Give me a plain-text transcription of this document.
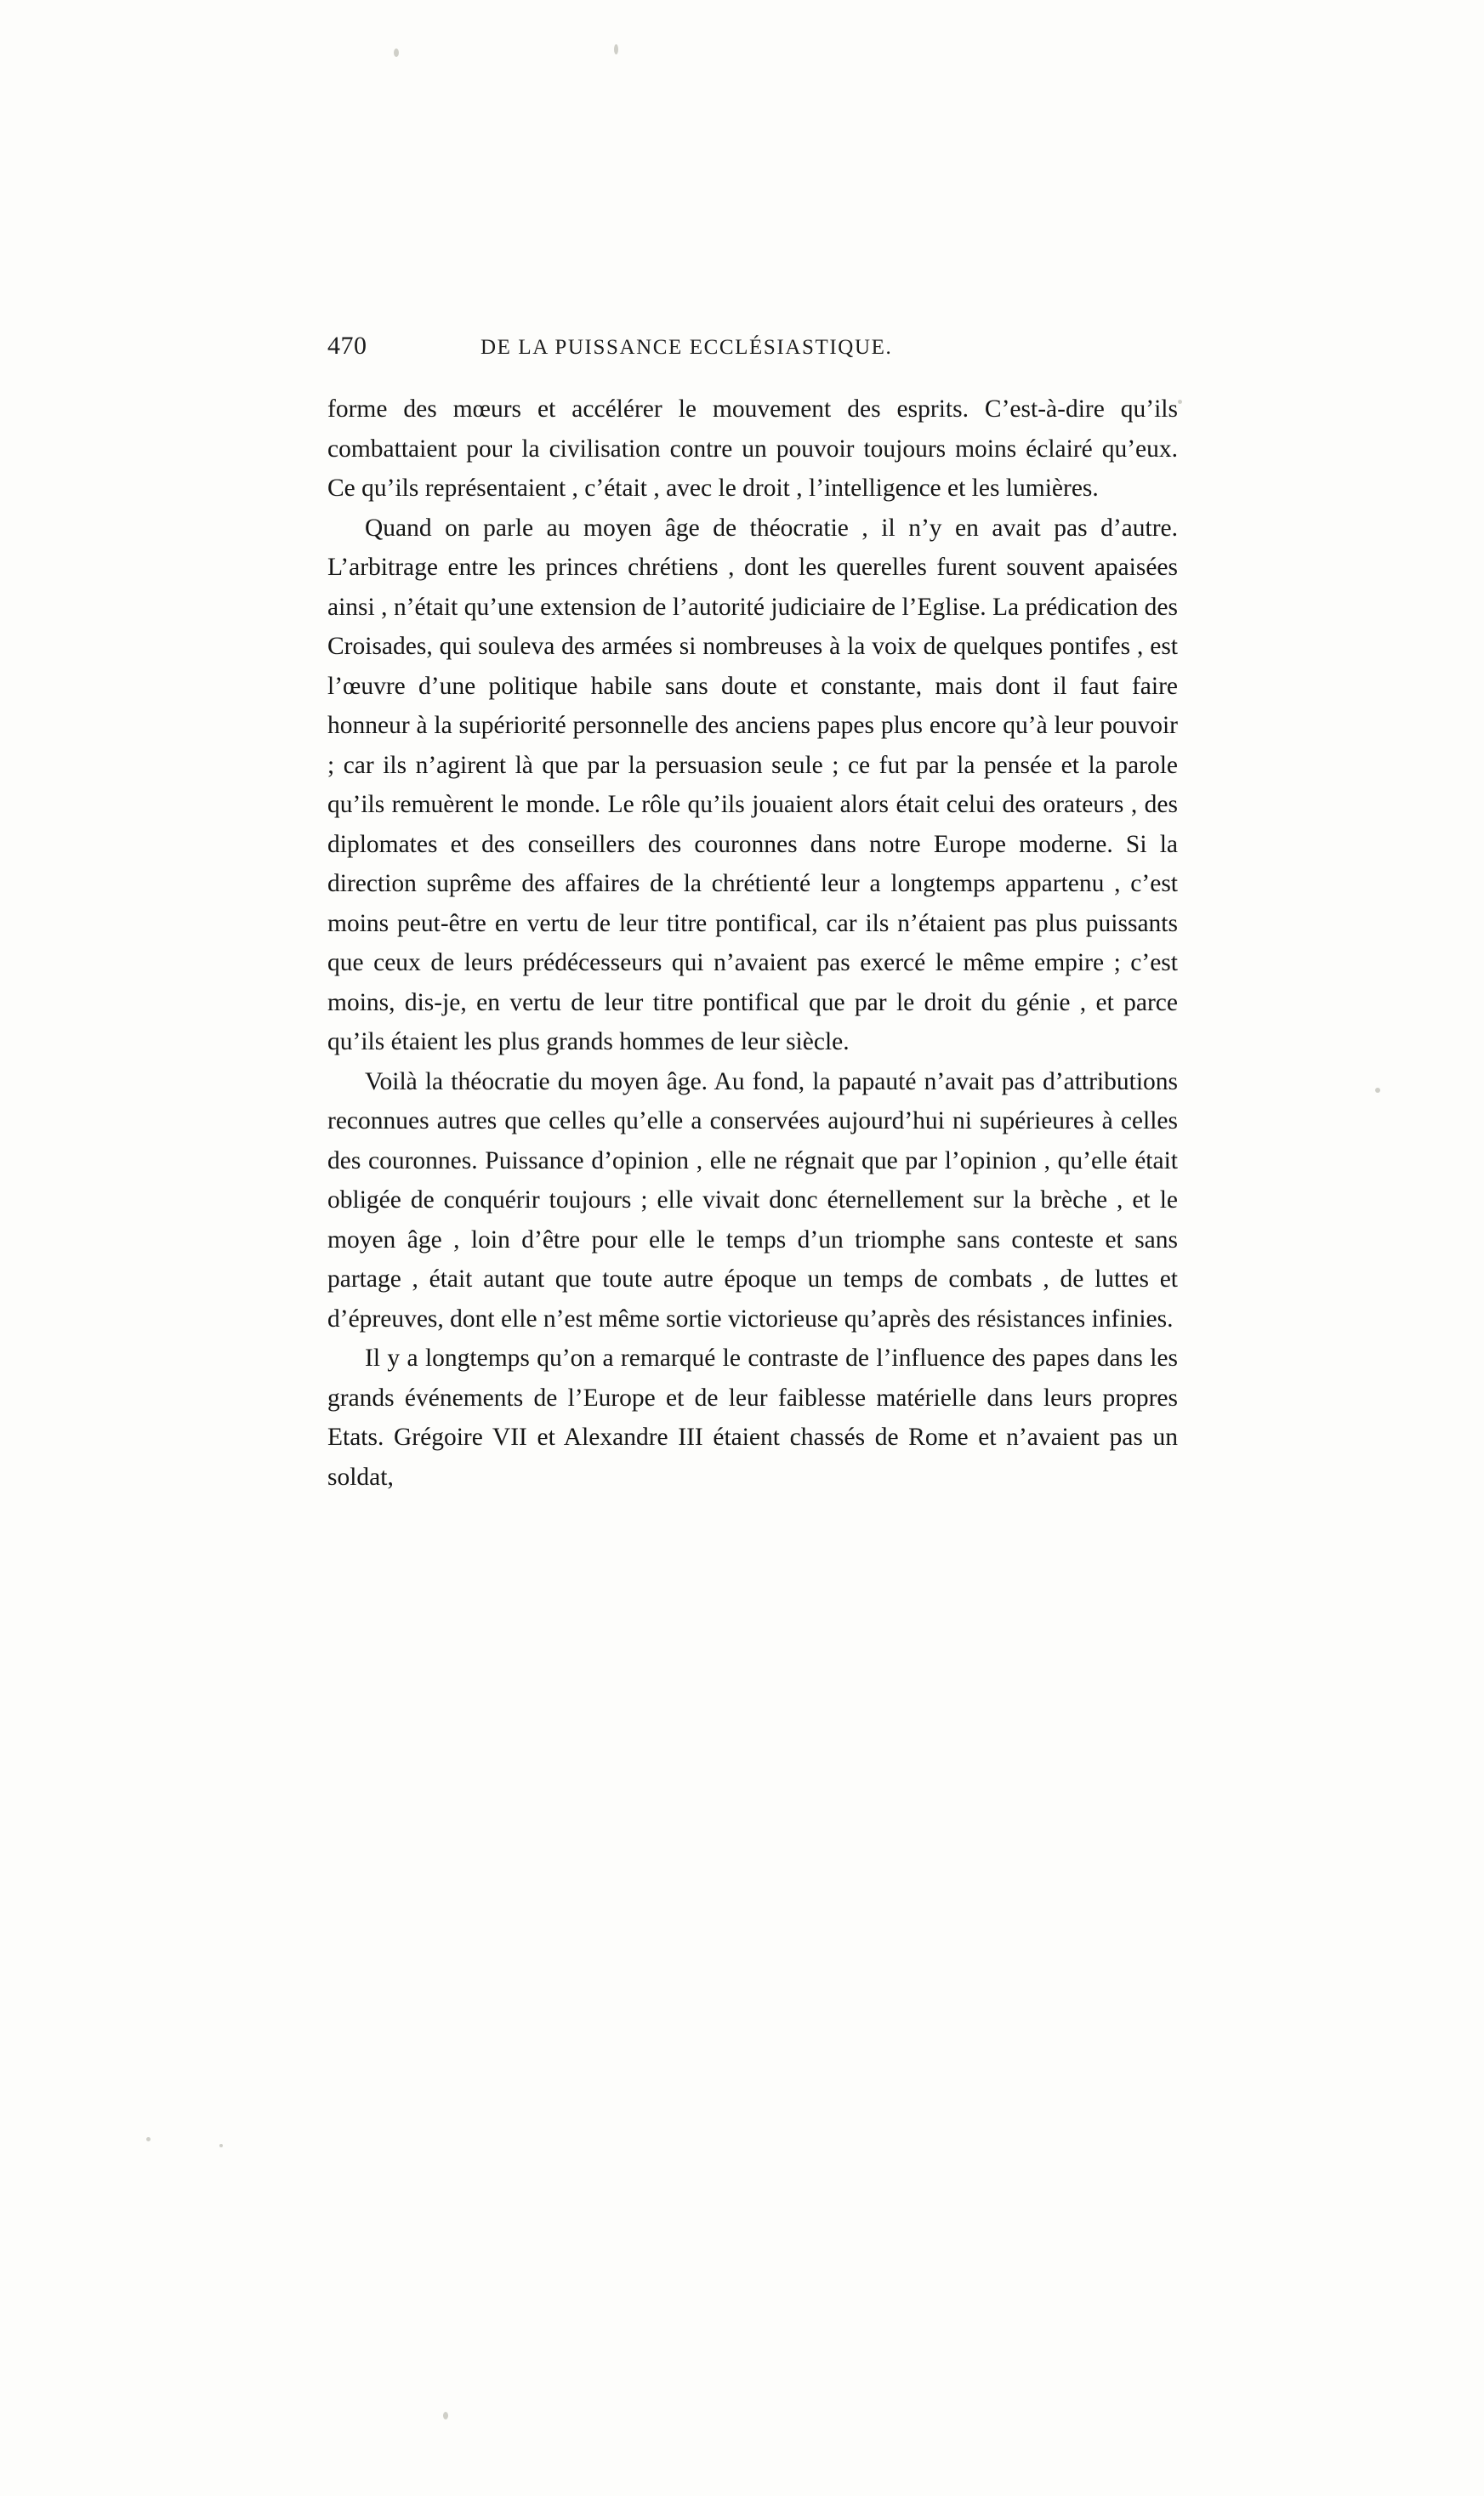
470	DE LA PUISSANCE ECCLÉSIASTIQUE.

forme des mœurs et accélérer le mouvement des esprits. C’est-à-dire qu’ils combattaient pour la civilisation contre un pouvoir toujours moins éclairé qu’eux. Ce qu’ils représentaient , c’était , avec le droit , l’intelligence et les lumières.

Quand on parle au moyen âge de théocratie , il n’y en avait pas d’autre. L’arbitrage entre les princes chrétiens , dont les querelles furent souvent apaisées ainsi , n’était qu’une extension de l’autorité judiciaire de l’Eglise. La prédication des Croisades, qui souleva des armées si nombreuses à la voix de quelques pontifes , est l’œuvre d’une politique habile sans doute et constante, mais dont il faut faire honneur à la supériorité personnelle des anciens papes plus encore qu’à leur pouvoir ; car ils n’agirent là que par la persuasion seule ; ce fut par la pensée et la parole qu’ils remuèrent le monde. Le rôle qu’ils jouaient alors était celui des orateurs , des diplomates et des conseillers des couronnes dans notre Europe moderne. Si la direction suprême des affaires de la chrétienté leur a longtemps appartenu , c’est moins peut-être en vertu de leur titre pontifical, car ils n’étaient pas plus puissants que ceux de leurs prédécesseurs qui n’avaient pas exercé le même empire ; c’est moins, dis-je, en vertu de leur titre pontifical que par le droit du génie , et parce qu’ils étaient les plus grands hommes de leur siècle.

Voilà la théocratie du moyen âge. Au fond, la papauté n’avait pas d’attributions reconnues autres que celles qu’elle a conservées aujourd’hui ni supérieures à celles des couronnes. Puissance d’opinion , elle ne régnait que par l’opinion , qu’elle était obligée de conquérir toujours ; elle vivait donc éternellement sur la brèche , et le moyen âge , loin d’être pour elle le temps d’un triomphe sans conteste et sans partage , était autant que toute autre époque un temps de combats , de luttes et d’épreuves, dont elle n’est même sortie victorieuse qu’après des résistances infinies.

Il y a longtemps qu’on a remarqué le contraste de l’influence des papes dans les grands événements de l’Europe et de leur faiblesse matérielle dans leurs propres Etats. Grégoire VII et Alexandre III étaient chassés de Rome et n’avaient pas un soldat,
